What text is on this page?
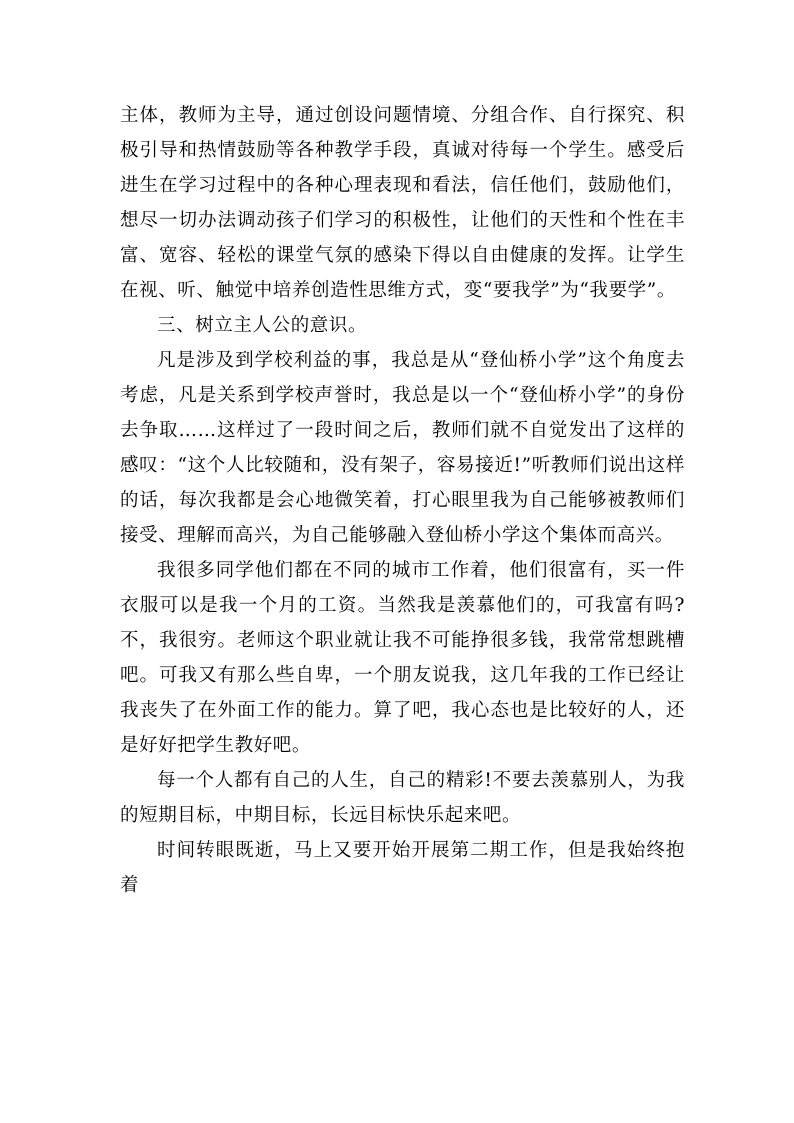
主体，教师为主导，通过创设问题情境、分组合作、自行探究、积极引导和热情鼓励等各种教学手段，真诚对待每一个学生。感受后进生在学习过程中的各种心理表现和看法，信任他们，鼓励他们，想尽一切办法调动孩子们学习的积极性，让他们的天性和个性在丰富、宽容、轻松的课堂气氛的感染下得以自由健康的发挥。让学生在视、听、触觉中培养创造性思维方式，变“要我学”为“我要学”。

三、树立主人公的意识。

凡是涉及到学校利益的事，我总是从“登仙桥小学”这个角度去考虑，凡是关系到学校声誉时，我总是以一个“登仙桥小学”的身份去争取……这样过了一段时间之后，教师们就不自觉发出了这样的感叹：“这个人比较随和，没有架子，容易接近!”听教师们说出这样的话，每次我都是会心地微笑着，打心眼里我为自己能够被教师们接受、理解而高兴，为自己能够融入登仙桥小学这个集体而高兴。

我很多同学他们都在不同的城市工作着，他们很富有，买一件衣服可以是我一个月的工资。当然我是羡慕他们的，可我富有吗?不，我很穷。老师这个职业就让我不可能挣很多钱，我常常想跳槽吧。可我又有那么些自卑，一个朋友说我，这几年我的工作已经让我丧失了在外面工作的能力。算了吧，我心态也是比较好的人，还是好好把学生教好吧。

每一个人都有自己的人生，自己的精彩!不要去羡慕别人，为我的短期目标，中期目标，长远目标快乐起来吧。

时间转眼既逝，马上又要开始开展第二期工作，但是我始终抱着
